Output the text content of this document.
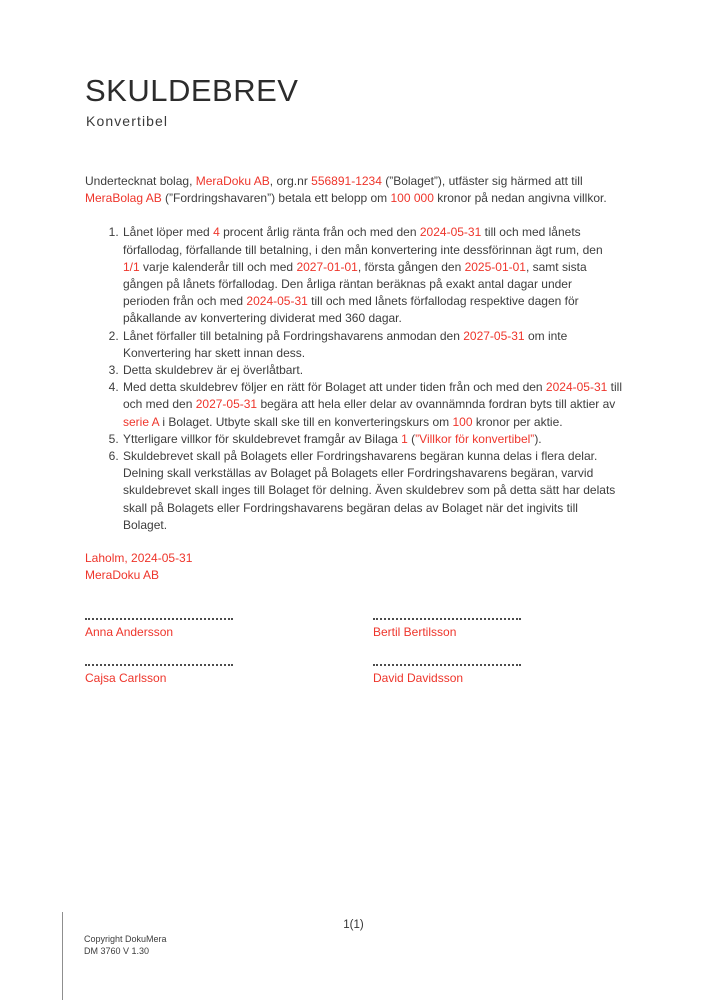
SKULDEBREV
Konvertibel

Undertecknat bolag, MeraDoku AB, org.nr 556891-1234 (”Bolaget”), utfäster sig härmed att till MeraBolag AB (”Fordringshavaren”) betala ett belopp om 100 000 kronor på nedan angivna villkor.

1. Lånet löper med 4 procent årlig ränta från och med den 2024-05-31 till och med lånets förfallodag, förfallande till betalning, i den mån konvertering inte dessförinnan ägt rum, den 1/1 varje kalenderår till och med 2027-01-01, första gången den 2025-01-01, samt sista gången på lånets förfallodag. Den årliga räntan beräknas på exakt antal dagar under perioden från och med 2024-05-31 till och med lånets förfallodag respektive dagen för påkallande av konvertering dividerat med 360 dagar.
2. Lånet förfaller till betalning på Fordringshavarens anmodan den 2027-05-31 om inte Konvertering har skett innan dess.
3. Detta skuldebrev är ej överlåtbart.
4. Med detta skuldebrev följer en rätt för Bolaget att under tiden från och med den 2024-05-31 till och med den 2027-05-31 begära att hela eller delar av ovannämnda fordran byts till aktier av serie A i Bolaget. Utbyte skall ske till en konverteringskurs om 100 kronor per aktie.
5. Ytterligare villkor för skuldebrevet framgår av Bilaga 1 (”Villkor för konvertibel”).
6. Skuldebrevet skall på Bolagets eller Fordringshavarens begäran kunna delas i flera delar. Delning skall verkställas av Bolaget på Bolagets eller Fordringshavarens begäran, varvid skuldebrevet skall inges till Bolaget för delning. Även skuldebrev som på detta sätt har delats skall på Bolagets eller Fordringshavarens begäran delas av Bolaget när det ingivits till Bolaget.
Laholm, 2024-05-31
MeraDoku AB
Anna Andersson	Bertil Bertilsson
Cajsa Carlsson	David Davidsson
1(1)
Copyright DokuMera
DM 3760 V 1.30
